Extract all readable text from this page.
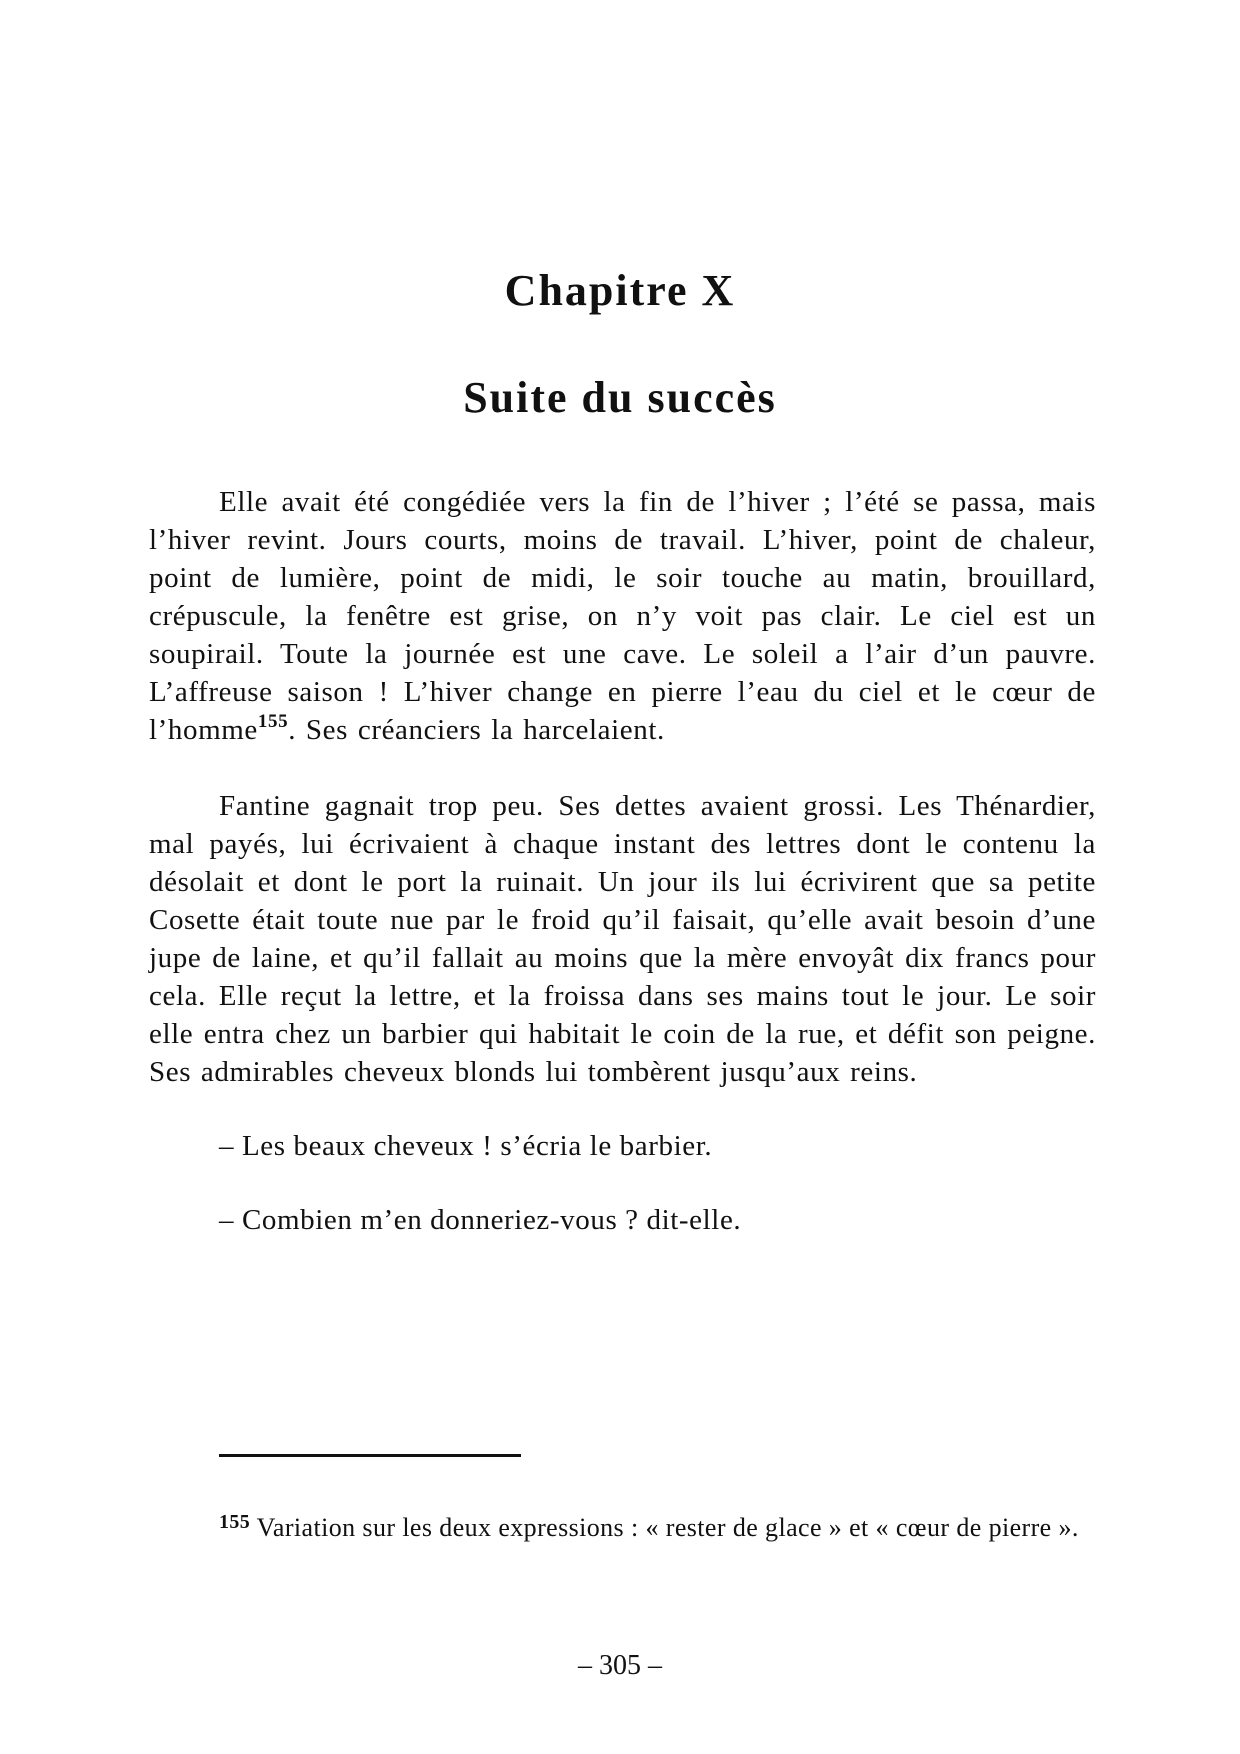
Chapitre X
Suite du succès

Elle avait été congédiée vers la fin de l’hiver ; l’été se passa, mais l’hiver revint. Jours courts, moins de travail. L’hiver, point de chaleur, point de lumière, point de midi, le soir touche au matin, brouillard, crépuscule, la fenêtre est grise, on n’y voit pas clair. Le ciel est un soupirail. Toute la journée est une cave. Le soleil a l’air d’un pauvre. L’affreuse saison ! L’hiver change en pierre l’eau du ciel et le cœur de l’homme$^{155}$. Ses créanciers la harcelaient.

Fantine gagnait trop peu. Ses dettes avaient grossi. Les Thénardier, mal payés, lui écrivaient à chaque instant des lettres dont le contenu la désolait et dont le port la ruinait. Un jour ils lui écrivirent que sa petite Cosette était toute nue par le froid qu’il faisait, qu’elle avait besoin d’une jupe de laine, et qu’il fallait au moins que la mère envoyât dix francs pour cela. Elle reçut la lettre, et la froissa dans ses mains tout le jour. Le soir elle entra chez un barbier qui habitait le coin de la rue, et défit son peigne. Ses admirables cheveux blonds lui tombèrent jusqu’aux reins.

– Les beaux cheveux ! s’écria le barbier.

– Combien m’en donneriez-vous ? dit-elle.

$^{155}$ Variation sur les deux expressions : « rester de glace » et « cœur de pierre ».

– 305 –
